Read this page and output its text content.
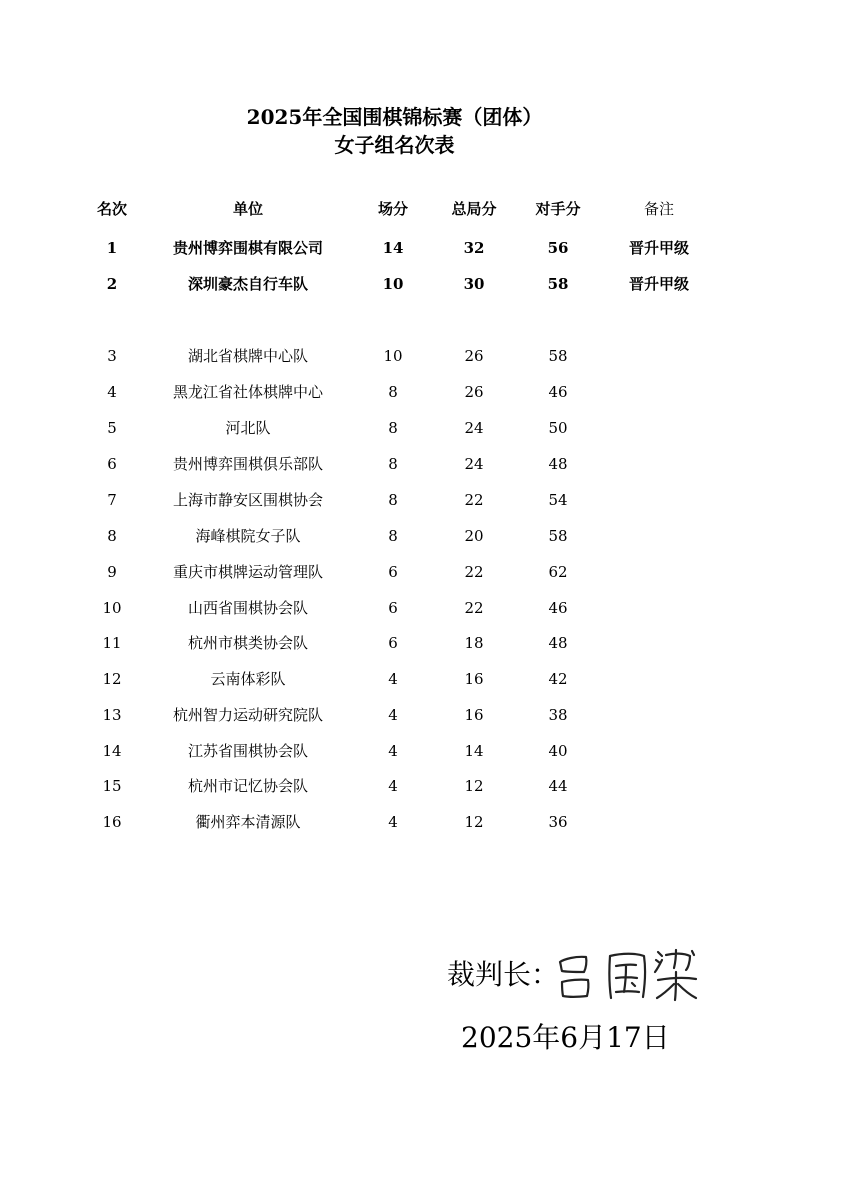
2025年全国围棋锦标赛（团体）
女子组名次表
名次	单位	场分	总局分	对手分	备注
1	贵州博弈围棋有限公司	14	32	56	晋升甲级
2	深圳豪杰自行车队	10	30	58	晋升甲级
3	湖北省棋牌中心队	10	26	58
4	黑龙江省社体棋牌中心	8	26	46
5	河北队	8	24	50
6	贵州博弈围棋俱乐部队	8	24	48
7	上海市静安区围棋协会	8	22	54
8	海峰棋院女子队	8	20	58
9	重庆市棋牌运动管理队	6	22	62
10	山西省围棋协会队	6	22	46
11	杭州市棋类协会队	6	18	48
12	云南体彩队	4	16	42
13	杭州智力运动研究院队	4	16	38
14	江苏省围棋协会队	4	14	40
15	杭州市记忆协会队	4	12	44
16	衢州弈本清源队	4	12	36
裁判长：
2025年6月17日
